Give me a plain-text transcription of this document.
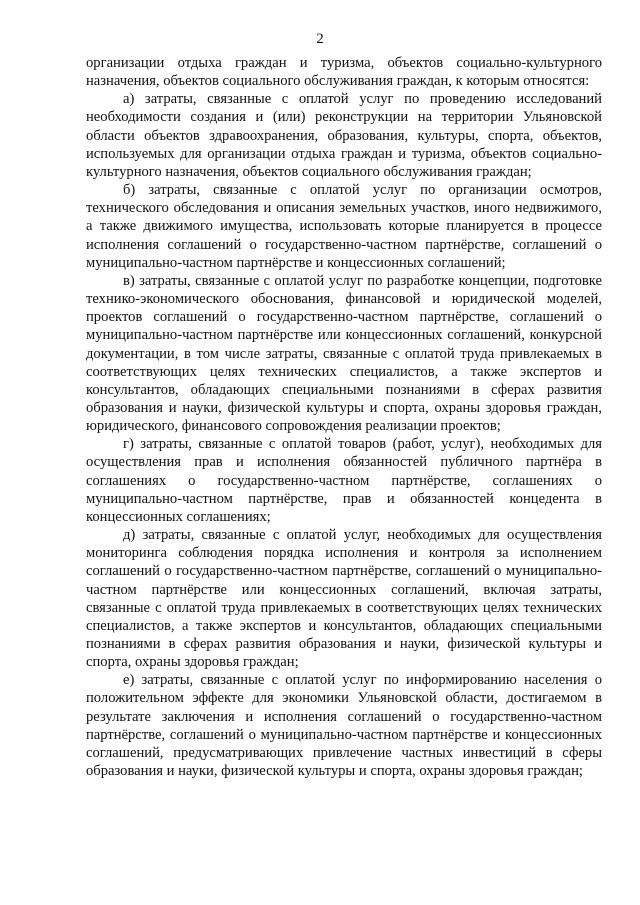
2

организации отдыха граждан и туризма, объектов социально-культурного назначения, объектов социального обслуживания граждан, к которым относятся:

а) затраты, связанные с оплатой услуг по проведению исследований необходимости создания и (или) реконструкции на территории Ульяновской области объектов здравоохранения, образования, культуры, спорта, объектов, используемых для организации отдыха граждан и туризма, объектов социально-культурного назначения, объектов социального обслуживания граждан;

б) затраты, связанные с оплатой услуг по организации осмотров, технического обследования и описания земельных участков, иного недвижимого, а также движимого имущества, использовать которые планируется в процессе исполнения соглашений о государственно-частном партнёрстве, соглашений о муниципально-частном партнёрстве и концессионных соглашений;

в) затраты, связанные с оплатой услуг по разработке концепции, подготовке технико-экономического обоснования, финансовой и юридической моделей, проектов соглашений о государственно-частном партнёрстве, соглашений о муниципально-частном партнёрстве или концессионных соглашений, конкурсной документации, в том числе затраты, связанные с оплатой труда привлекаемых в соответствующих целях технических специалистов, а также экспертов и консультантов, обладающих специальными познаниями в сферах развития образования и науки, физической культуры и спорта, охраны здоровья граждан, юридического, финансового сопровождения реализации проектов;

г) затраты, связанные с оплатой товаров (работ, услуг), необходимых для осуществления прав и исполнения обязанностей публичного партнёра в соглашениях о государственно-частном партнёрстве, соглашениях о муниципально-частном партнёрстве, прав и обязанностей концедента в концессионных соглашениях;

д) затраты, связанные с оплатой услуг, необходимых для осуществления мониторинга соблюдения порядка исполнения и контроля за исполнением соглашений о государственно-частном партнёрстве, соглашений о муниципально-частном партнёрстве или концессионных соглашений, включая затраты, связанные с оплатой труда привлекаемых в соответствующих целях технических специалистов, а также экспертов и консультантов, обладающих специальными познаниями в сферах развития образования и науки, физической культуры и спорта, охраны здоровья граждан;

е) затраты, связанные с оплатой услуг по информированию населения о положительном эффекте для экономики Ульяновской области, достигаемом в результате заключения и исполнения соглашений о государственно-частном партнёрстве, соглашений о муниципально-частном партнёрстве и концессионных соглашений, предусматривающих привлечение частных инвестиций в сферы образования и науки, физической культуры и спорта, охраны здоровья граждан;
